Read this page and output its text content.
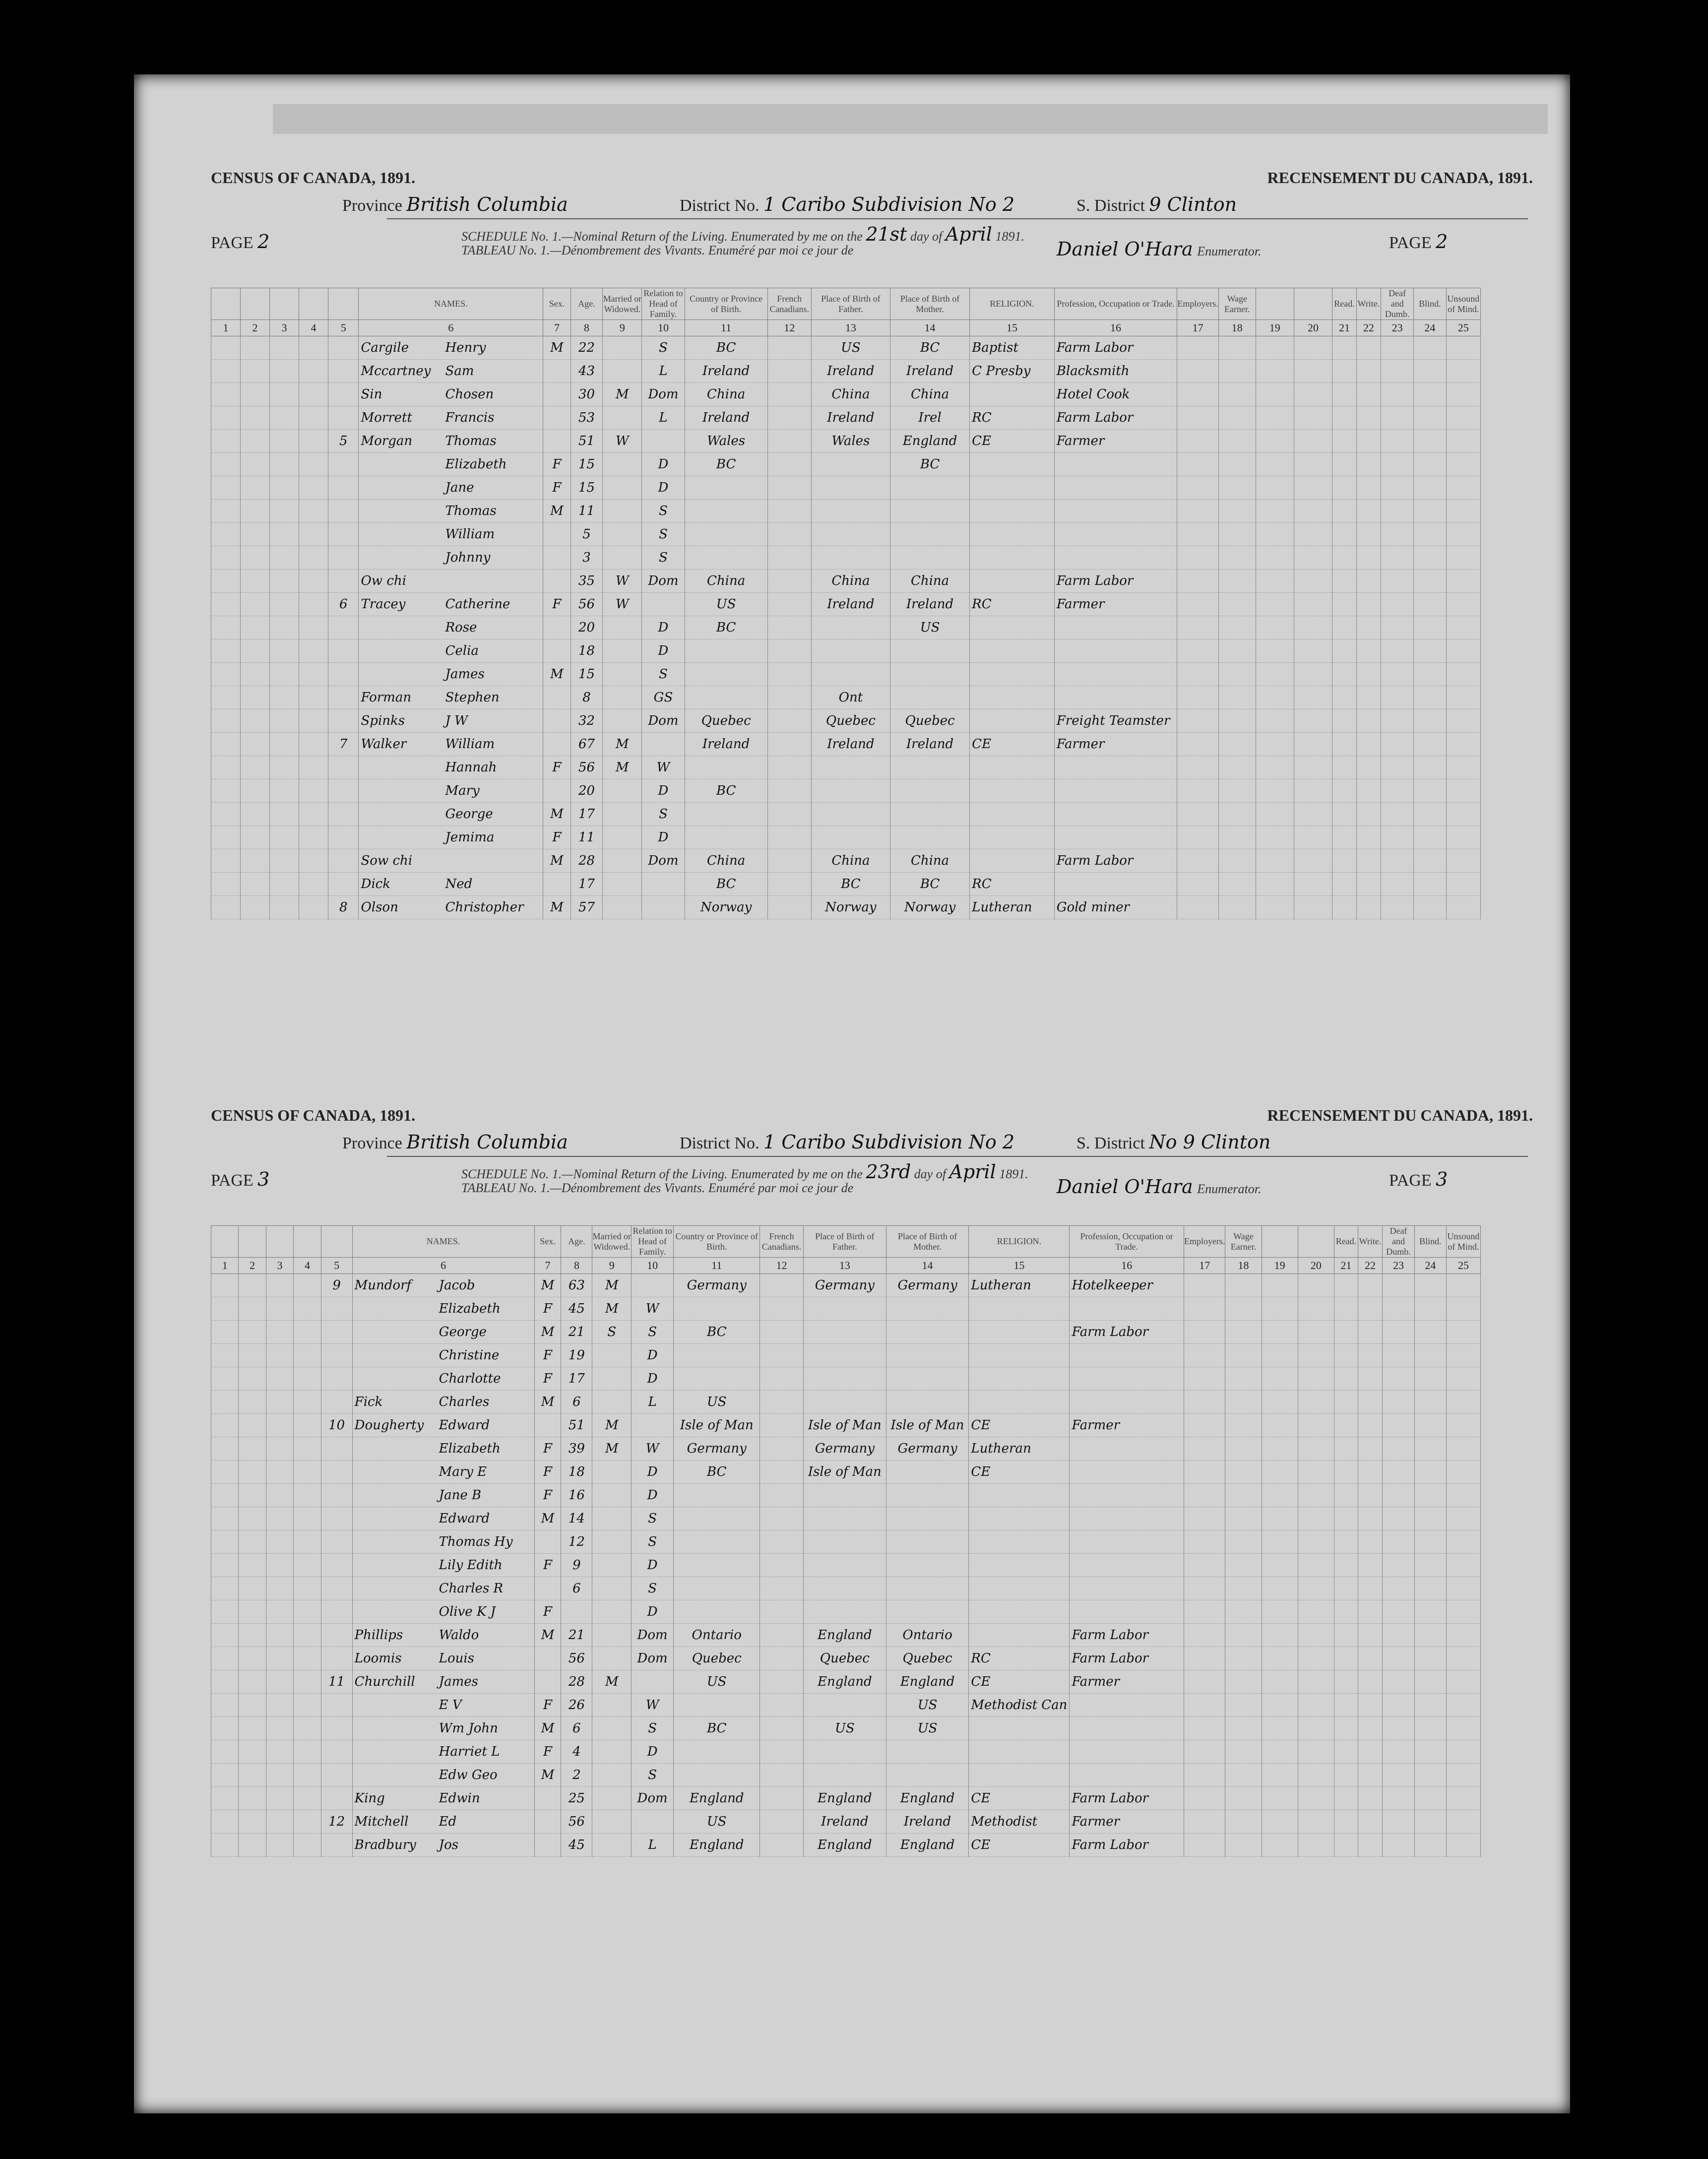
CENSUS OF CANADA, 1891.	RECENSEMENT DU CANADA, 1891.
Province British Columbia	District No. 1 Caribo Subdivision No 2	S. District 9 Clinton
PAGE 2	SCHEDULE No. 1.—Nominal Return of the Living. Enumerated by me on the 21st day of April 1891.
TABLEAU No. 1.—Dénombrement des Vivants. Enuméré par moi ce jour de	Daniel O'Hara Enumerator.	PAGE 2
					NAMES.	Sex.	Age.	Married or Widowed.	Relation to Head of Family.	Country or Province of Birth.	French Canadians.	Place of Birth of Father.	Place of Birth of Mother.	RELIGION.	Profession, Occupation or Trade.	Employers.	Wage Earner.			Read.	Write.	Deaf and Dumb.	Blind.	Unsound of Mind.
1	2	3	4	5	6	7	8	9	10	11	12	13	14	15	16	17	18	19	20	21	22	23	24	25
					Cargile Henry	M	22		S	BC		US	BC	Baptist	Farm Labor									
					Mccartney Sam		43		L	Ireland		Ireland	Ireland	C Presby	Blacksmith									
					Sin Chosen		30	M	Dom	China		China	China		Hotel Cook									
					Morrett Francis		53		L	Ireland		Ireland	Irel	RC	Farm Labor									
				5	Morgan Thomas		51	W		Wales		Wales	England	CE	Farmer									
					Elizabeth	F	15		D	BC			BC											
					Jane	F	15		D															
					Thomas	M	11		S															
					William		5		S															
					Johnny		3		S															
					Ow chi		35	W	Dom	China		China	China		Farm Labor									
				6	Tracey Catherine	F	56	W		US		Ireland	Ireland	RC	Farmer									
					Rose		20		D	BC			US											
					Celia		18		D															
					James	M	15		S															
					Forman Stephen		8		GS			Ont												
					Spinks J W		32		Dom	Quebec		Quebec	Quebec		Freight Teamster									
				7	Walker William		67	M		Ireland		Ireland	Ireland	CE	Farmer									
					Hannah	F	56	M	W															
					Mary		20		D	BC														
					George	M	17		S															
					Jemima	F	11		D															
					Sow chi	M	28		Dom	China		China	China		Farm Labor									
					Dick Ned		17			BC		BC	BC	RC										
				8	Olson Christopher	M	57			Norway		Norway	Norway	Lutheran	Gold miner									
CENSUS OF CANADA, 1891.	RECENSEMENT DU CANADA, 1891.
Province British Columbia	District No. 1 Caribo Subdivision No 2	S. District No 9 Clinton
PAGE 3	SCHEDULE No. 1.—Nominal Return of the Living. Enumerated by me on the 23rd day of April 1891.
TABLEAU No. 1.—Dénombrement des Vivants. Enuméré par moi ce jour de	Daniel O'Hara Enumerator.	PAGE 3
					NAMES.	Sex.	Age.	Married or Widowed.	Relation to Head of Family.	Country or Province of Birth.	French Canadians.	Place of Birth of Father.	Place of Birth of Mother.	RELIGION.	Profession, Occupation or Trade.	Employers.	Wage Earner.			Read.	Write.	Deaf and Dumb.	Blind.	Unsound of Mind.
1	2	3	4	5	6	7	8	9	10	11	12	13	14	15	16	17	18	19	20	21	22	23	24	25
				9	Mundorf Jacob	M	63	M		Germany		Germany	Germany	Lutheran	Hotelkeeper									
					Elizabeth	F	45	M	W															
					George	M	21	S	S	BC					Farm Labor									
					Christine	F	19		D															
					Charlotte	F	17		D															
					Fick Charles	M	6		L	US														
				10	Dougherty Edward		51	M		Isle of Man		Isle of Man	Isle of Man	CE	Farmer									
					Elizabeth	F	39	M	W	Germany		Germany	Germany	Lutheran										
					Mary E	F	18		D	BC		Isle of Man		CE										
					Jane B	F	16		D															
					Edward	M	14		S															
					Thomas Hy		12		S															
					Lily Edith	F	9		D															
					Charles R		6		S															
					Olive K J	F			D															
					Phillips Waldo	M	21		Dom	Ontario		England	Ontario		Farm Labor									
					Loomis Louis		56		Dom	Quebec		Quebec	Quebec	RC	Farm Labor									
				11	Churchill James		28	M		US		England	England	CE	Farmer									
					E V	F	26		W				US	Methodist Can										
					Wm John	M	6		S	BC		US	US											
					Harriet L	F	4		D															
					Edw Geo	M	2		S															
					King Edwin		25		Dom	England		England	England	CE	Farm Labor									
				12	Mitchell Ed		56			US		Ireland	Ireland	Methodist	Farmer									
					Bradbury Jos		45		L	England		England	England	CE	Farm Labor									
